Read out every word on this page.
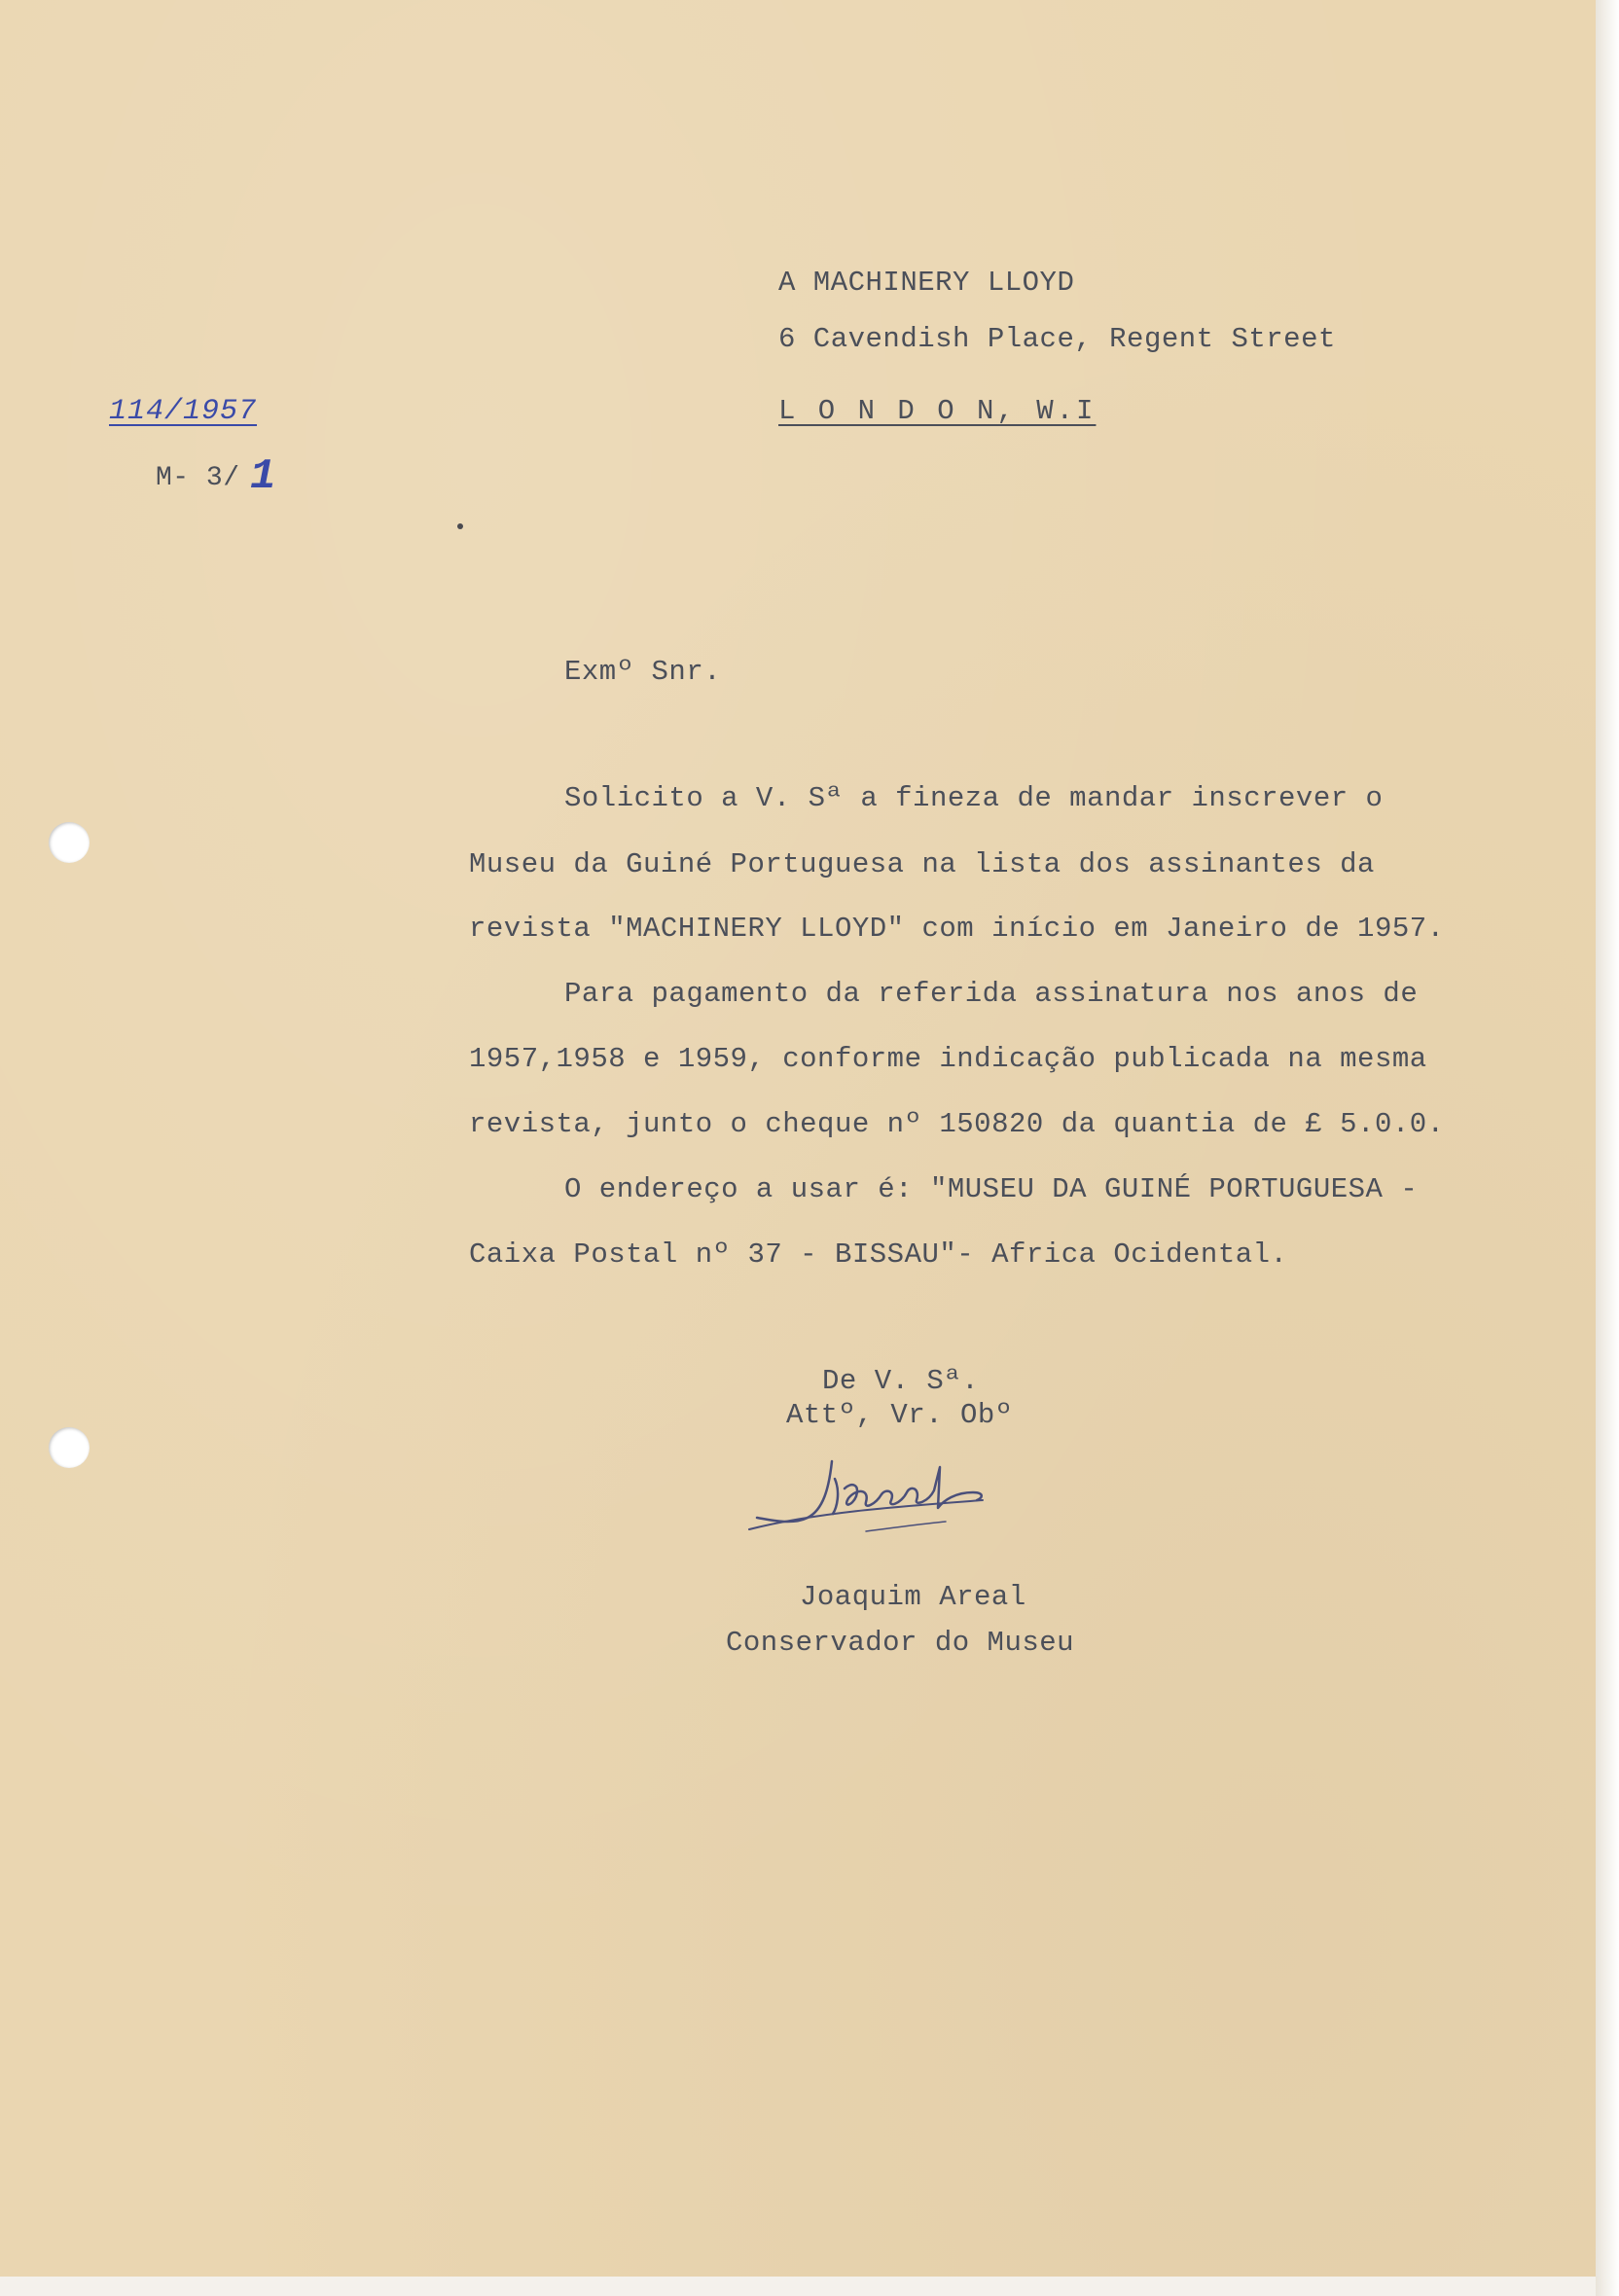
A MACHINERY LLOYD
6 Cavendish Place, Regent Street
L O N D O N, W.I
114/1957
M- 3/ 1
Exmº Snr.
Solicito a V. Sª a fineza de mandar inscrever o
Museu da Guiné Portuguesa na lista dos assinantes da
revista "MACHINERY LLOYD" com início em Janeiro de 1957.
Para pagamento da referida assinatura nos anos de
1957,1958 e 1959, conforme indicação publicada na mesma
revista, junto o cheque nº 150820 da quantia de £ 5.0.0.
O endereço a usar é: "MUSEU DA GUINÉ PORTUGUESA -
Caixa Postal nº 37 - BISSAU"- Africa Ocidental.
De V. Sª.
Attº, Vr. Obº
Joaquim Areal
Conservador do Museu
